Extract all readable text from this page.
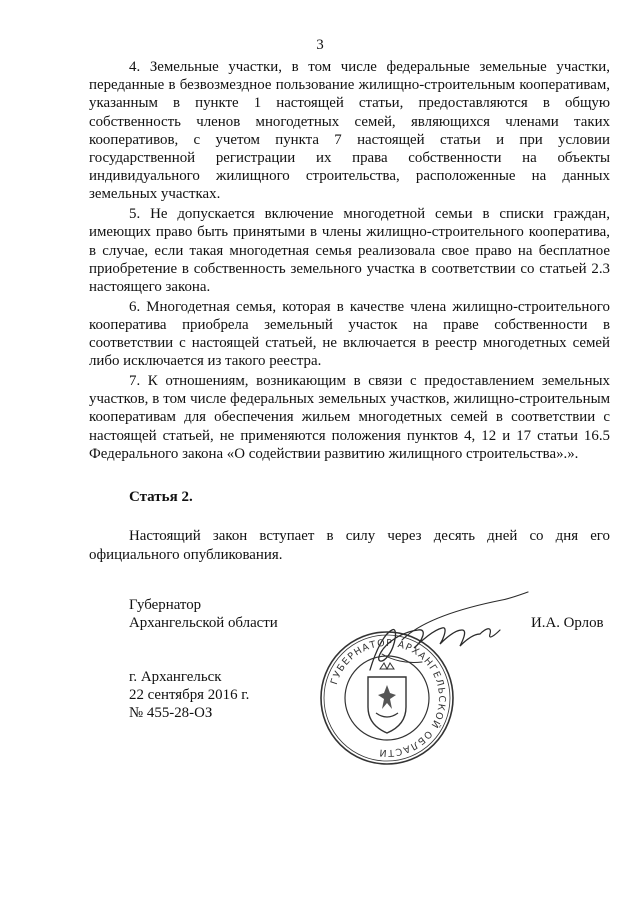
3

4. Земельные участки, в том числе федеральные земельные участки, переданные в безвозмездное пользование жилищно-строительным кооперативам, указанным в пункте 1 настоящей статьи, предоставляются в общую собственность членов многодетных семей, являющихся членами таких кооперативов, с учетом пункта 7 настоящей статьи и при условии государственной регистрации их права собственности на объекты индивидуального жилищного строительства, расположенные на данных земельных участках.

5. Не допускается включение многодетной семьи в списки граждан, имеющих право быть принятыми в члены жилищно-строительного кооператива, в случае, если такая многодетная семья реализовала свое право на бесплатное приобретение в собственность земельного участка в соответствии со статьей 2.3 настоящего закона.

6. Многодетная семья, которая в качестве члена жилищно-строительного кооператива приобрела земельный участок на праве собственности в соответствии с настоящей статьей, не включается в реестр многодетных семей либо исключается из такого реестра.

7. К отношениям, возникающим в связи с предоставлением земельных участков, в том числе федеральных земельных участков, жилищно-строительным кооперативам для обеспечения жильем многодетных семей в соответствии с настоящей статьей, не применяются положения пунктов 4, 12 и 17 статьи 16.5 Федерального закона «О содействии развитию жилищного строительства».».

Статья 2.

Настоящий закон вступает в силу через десять дней со дня его официального опубликования.

Губернатор
Архангельской области	И.А. Орлов
г. Архангельск
22 сентября 2016 г.
№ 455-28-ОЗ
ГУБЕРНАТОР АРХАНГЕЛЬСКОЙ ОБЛАСТИ
